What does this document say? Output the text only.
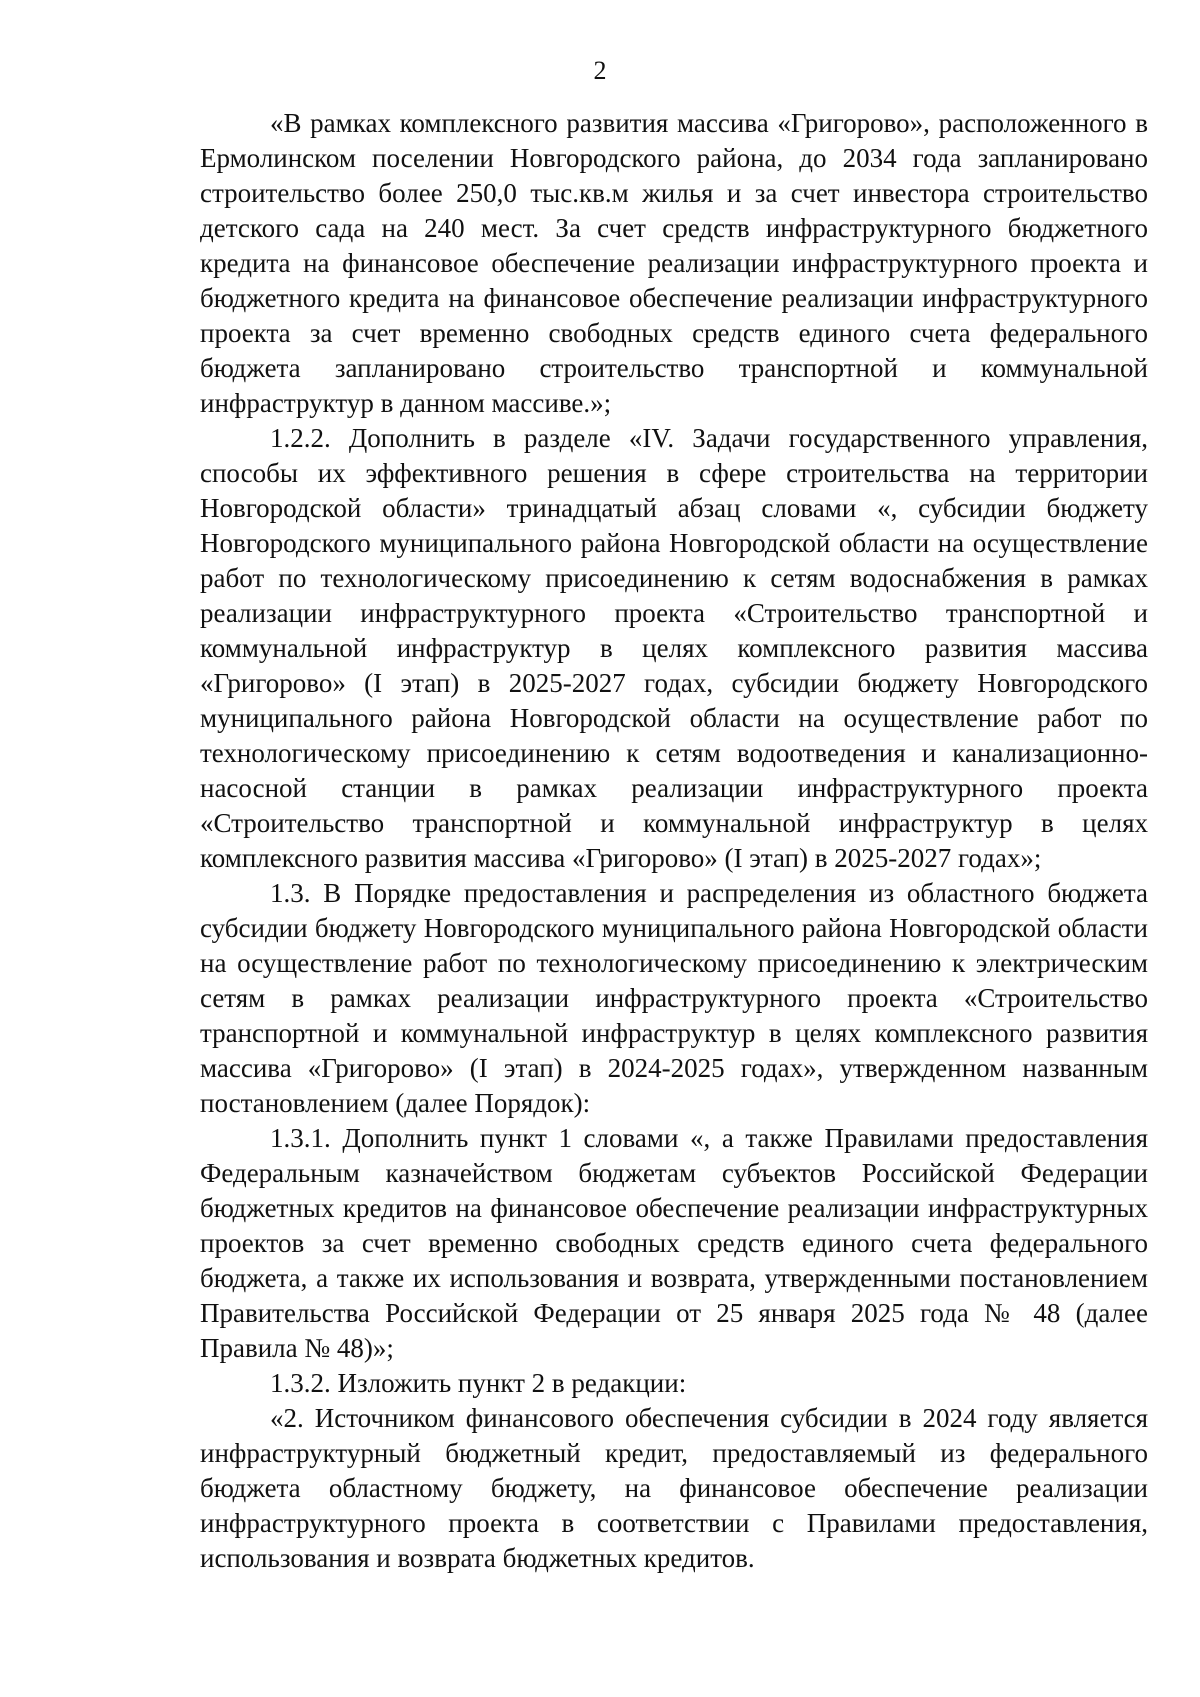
2

«В рамках комплексного развития массива «Григорово», расположенного в Ермолинском поселении Новгородского района, до 2034 года запланировано строительство более 250,0 тыс.кв.м жилья и за счет инвестора строительство детского сада на 240 мест. За счет средств инфраструктурного бюджетного кредита на финансовое обеспечение реализации инфраструктурного проекта и бюджетного кредита на финансовое обеспечение реализации инфраструктурного проекта за счет временно свободных средств единого счета федерального бюджета запланировано строительство транспортной и коммунальной инфраструктур в данном массиве.»;

1.2.2. Дополнить в разделе «IV. Задачи государственного управления, способы их эффективного решения в сфере строительства на территории Новгородской области» тринадцатый абзац словами «, субсидии бюджету Новгородского муниципального района Новгородской области на осуществление работ по технологическому присоединению к сетям водоснабжения в рамках реализации инфраструктурного проекта «Строительство транспортной и коммунальной инфраструктур в целях комплексного развития массива «Григорово» (I этап) в 2025-2027 годах, субсидии бюджету Новгородского муниципального района Новгородской области на осуществление работ по технологическому присоединению к сетям водоотведения и канализационно-насосной станции в рамках реализации инфраструктурного проекта «Строительство транспортной и коммунальной инфраструктур в целях комплексного развития массива «Григорово» (I этап) в 2025-2027 годах»;

1.3. В Порядке предоставления и распределения из областного бюджета субсидии бюджету Новгородского муниципального района Новгородской области на осуществление работ по технологическому присоединению к электрическим сетям в рамках реализации инфраструктурного проекта «Строительство транспортной и коммунальной инфраструктур в целях комплексного развития массива «Григорово» (I этап) в 2024-2025 годах», утвержденном названным постановлением (далее Порядок):

1.3.1. Дополнить пункт 1 словами «, а также Правилами предоставления Федеральным казначейством бюджетам субъектов Российской Федерации бюджетных кредитов на финансовое обеспечение реализации инфраструктурных проектов за счет временно свободных средств единого счета федерального бюджета, а также их использования и возврата, утвержденными постановлением Правительства Российской Федерации от 25 января 2025 года № 48 (далее Правила № 48)»;

1.3.2. Изложить пункт 2 в редакции:

«2. Источником финансового обеспечения субсидии в 2024 году является инфраструктурный бюджетный кредит, предоставляемый из федерального бюджета областному бюджету, на финансовое обеспечение реализации инфраструктурного проекта в соответствии с Правилами предоставления, использования и возврата бюджетных кредитов.
